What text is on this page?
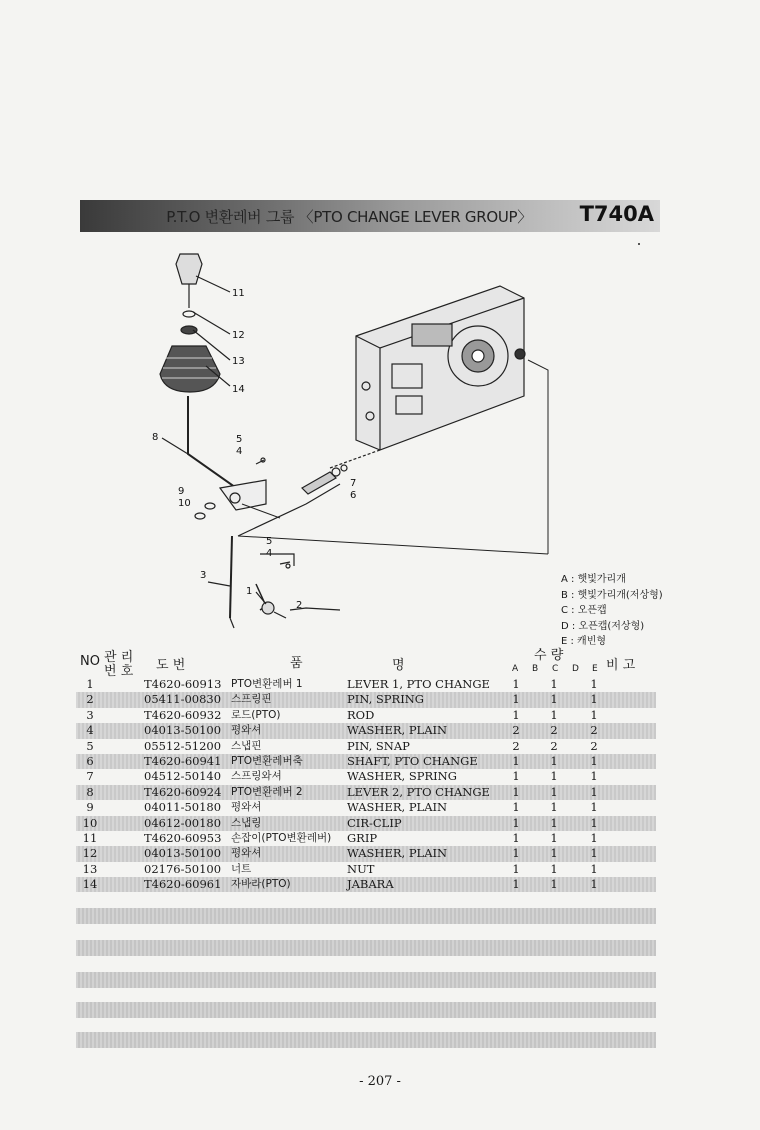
P.T.O 변환레버 그룹 〈PTO CHANGE LEVER GROUP〉 T740A
11
12
13
14
8	5
4
7
6
9
10
5
4
3
1
2
A : 햇빛가리개
B : 햇빛가리개(저상형)
C : 오픈캡
D : 오픈캡(저상형)
E : 캐빈형
NO 관 리
번 호 도 번	품	명
수 량
A B C D E 비 고
1	T4620-60913 PTO변환레버 1	LEVER 1, PTO CHANGE	1	1	1
2	05411-00830 스프링핀	PIN, SPRING	1	1	1
3	T4620-60932 로드(PTO)	ROD	1	1	1
4	04013-50100 평와셔	WASHER, PLAIN	2	2	2
5	05512-51200 스냅핀	PIN, SNAP	2	2	2
6	T4620-60941 PTO변환레버축	SHAFT, PTO CHANGE	1	1	1
7	04512-50140 스프링와셔	WASHER, SPRING	1	1	1
8	T4620-60924 PTO변환레버 2	LEVER 2, PTO CHANGE	1	1	1
9	04011-50180 평와셔	WASHER, PLAIN	1	1	1
10	04612-00180 스냅링	CIR-CLIP	1	1	1
11	T4620-60953 손잡이(PTO변환레버) GRIP	1	1	1
12	04013-50100 평와셔	WASHER, PLAIN	1	1	1
13	02176-50100 너트	NUT	1	1	1
14	T4620-60961 자바라(PTO)	JABARA	1	1	1
- 207 -
